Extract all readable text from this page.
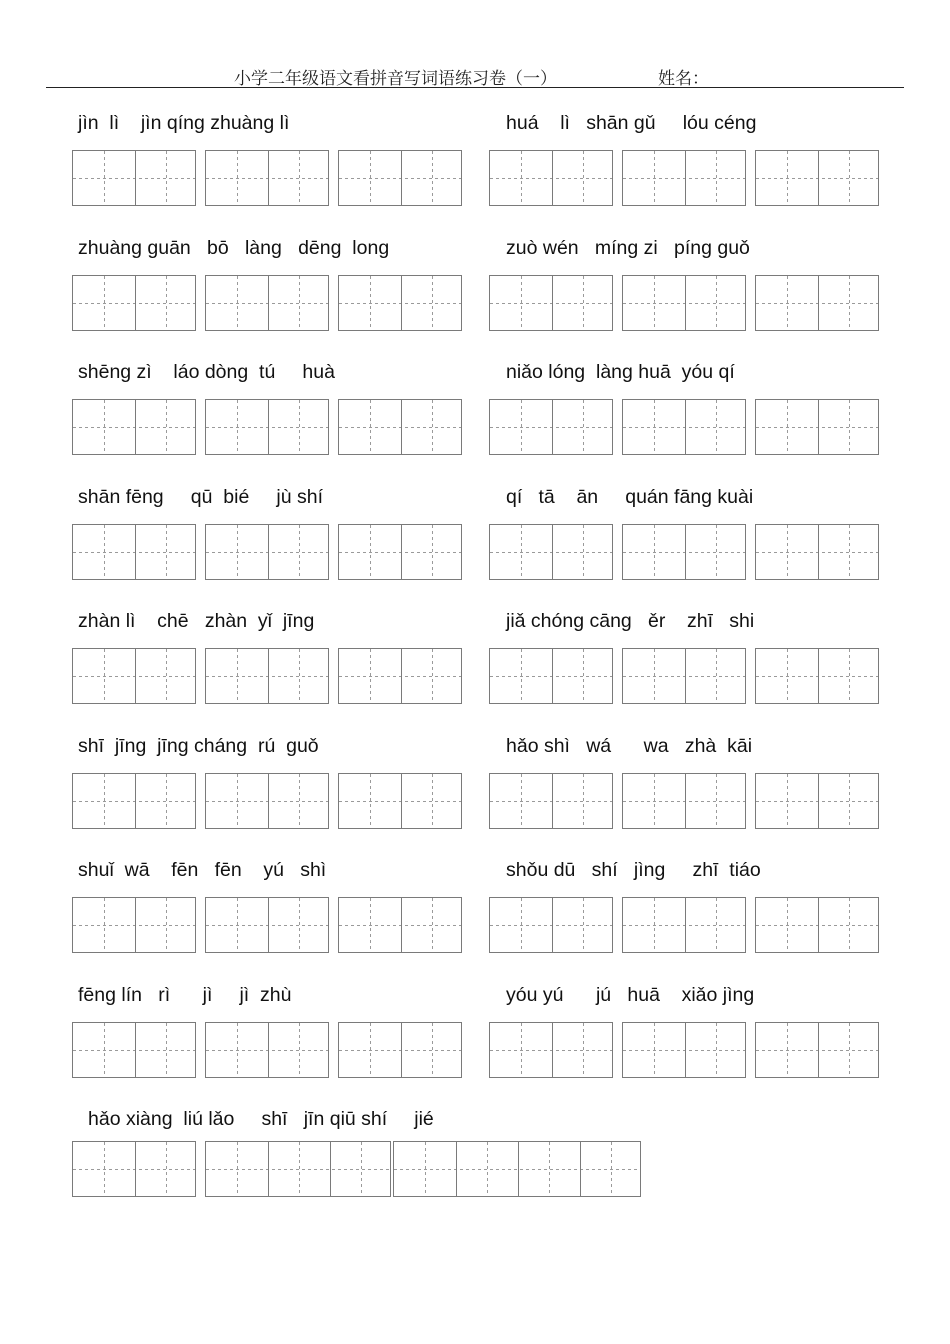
小学二年级语文看拼音写词语练习卷（一）	姓名：
jìn  lì    jìn qíng zhuàng lì	huá    lì   shān gǔ     lóu céng
zhuàng guān   bō   làng   dēng  long	zuò wén   míng zi   píng guǒ
shēng zì    láo dòng  tú     huà	niǎo lóng  làng huā  yóu qí
shān fēng     qū  bié     jù shí	qí   tā    ān     quán fāng kuài
zhàn lì    chē   zhàn  yǐ  jīng	jiǎ chóng cāng   ěr    zhī   shi
shī  jīng  jīng cháng  rú  guǒ	hǎo shì   wá      wa   zhà  kāi
shuǐ  wā    fēn   fēn    yú   shì	shǒu dū   shí   jìng     zhī  tiáo
fēng lín   rì      jì     jì  zhù	yóu yú      jú   huā    xiǎo jìng
hǎo xiàng  liú lǎo     shī   jīn qiū shí     jié
